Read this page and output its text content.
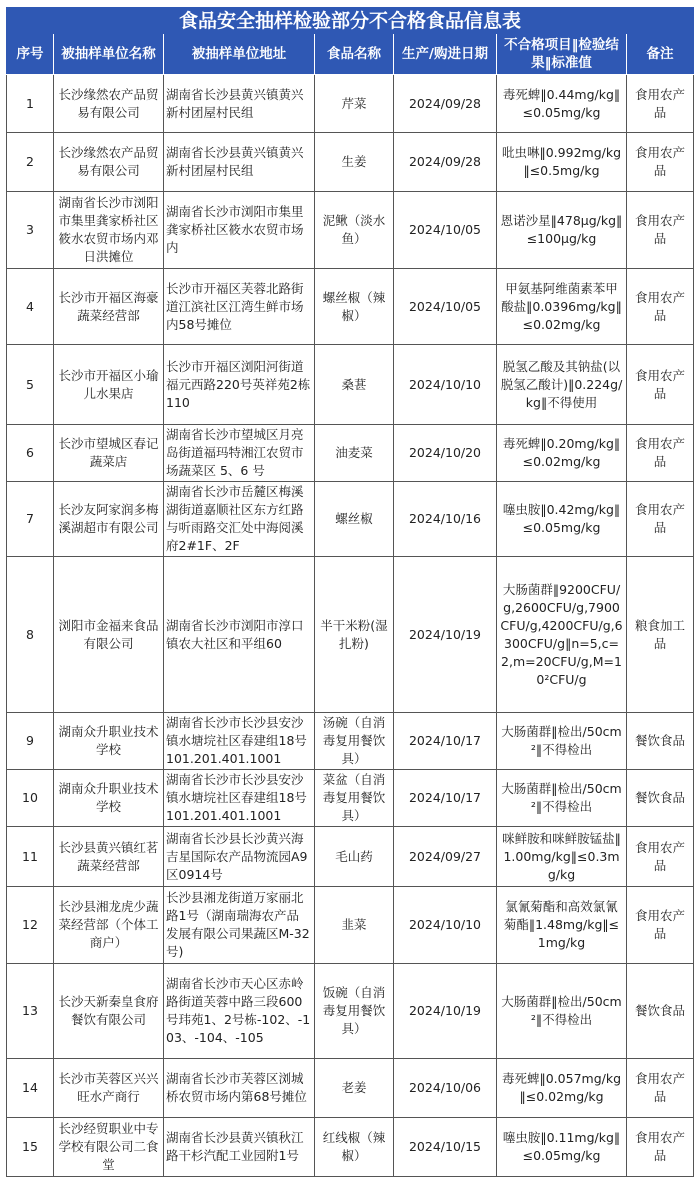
食品安全抽样检验部分不合格食品信息表						
序号	被抽样单位名称	被抽样单位地址	食品名称	生产/购进日期	不合格项目‖检验结果‖标准值	备注
1	长沙缘然农产品贸易有限公司	湖南省长沙县黄兴镇黄兴新村团屋村民组	芹菜	2024/09/28	毒死蜱‖0.44mg/kg‖≤0.05mg/kg	食用农产品
2	长沙缘然农产品贸易有限公司	湖南省长沙县黄兴镇黄兴新村团屋村民组	生姜	2024/09/28	吡虫啉‖0.992mg/kg‖≤0.5mg/kg	食用农产品
3	湖南省长沙市浏阳市集里龚家桥社区筱水农贸市场内邓日洪摊位	湖南省长沙市浏阳市集里龚家桥社区筱水农贸市场内	泥鳅（淡水鱼）	2024/10/05	恩诺沙星‖478μg/kg‖≤100μg/kg	食用农产品
4	长沙市开福区海豪蔬菜经营部	长沙市开福区芙蓉北路街道江滨社区江湾生鲜市场内58号摊位	螺丝椒（辣椒）	2024/10/05	甲氨基阿维菌素苯甲酸盐‖0.0396mg/kg‖≤0.02mg/kg	食用农产品
5	长沙市开福区小瑜儿水果店	长沙市开福区浏阳河街道福元西路220号英祥苑2栋110	桑葚	2024/10/10	脱氢乙酸及其钠盐(以脱氢乙酸计)‖0.224g/kg‖不得使用	食用农产品
6	长沙市望城区春记蔬菜店	湖南省长沙市望城区月亮岛街道福玛特湘江农贸市场蔬菜区 5、6 号	油麦菜	2024/10/20	毒死蜱‖0.20mg/kg‖≤0.02mg/kg	食用农产品
7	长沙友阿家润多梅溪湖超市有限公司	湖南省长沙市岳麓区梅溪湖街道嘉顺社区东方红路与听雨路交汇处中海阅溪府2#1F、2F	螺丝椒	2024/10/16	噻虫胺‖0.42mg/kg‖≤0.05mg/kg	食用农产品
8	浏阳市金福来食品有限公司	湖南省长沙市浏阳市淳口镇农大社区和平组60	半干米粉(湿扎粉)	2024/10/19	大肠菌群‖9200CFU/g,2600CFU/g,7900CFU/g,4200CFU/g,6300CFU/g‖n=5,c=2,m=20CFU/g,M=10²CFU/g	粮食加工品
9	湖南众升职业技术学校	湖南省长沙市长沙县安沙镇水塘垸社区春建组18号101.201.401.1001	汤碗（自消毒复用餐饮具）	2024/10/17	大肠菌群‖检出/50cm²‖不得检出	餐饮食品
10	湖南众升职业技术学校	湖南省长沙市长沙县安沙镇水塘垸社区春建组18号101.201.401.1001	菜盆（自消毒复用餐饮具）	2024/10/17	大肠菌群‖检出/50cm²‖不得检出	餐饮食品
11	长沙县黄兴镇红茗蔬菜经营部	湖南省长沙县长沙黄兴海吉星国际农产品物流园A9区0914号	毛山药	2024/09/27	咪鲜胺和咪鲜胺锰盐‖1.00mg/kg‖≤0.3mg/kg	食用农产品
12	长沙县湘龙虎少蔬菜经营部（个体工商户）	长沙县湘龙街道万家丽北路1号（湖南瑞海农产品发展有限公司果蔬区M-32号)	韭菜	2024/10/10	氯氰菊酯和高效氯氰菊酯‖1.48mg/kg‖≤1mg/kg	食用农产品
13	长沙天新秦皇食府餐饮有限公司	湖南省长沙市天心区赤岭路街道芙蓉中路三段600号玮苑1、2号栋-102、-103、-104、-105	饭碗（自消毒复用餐饮具）	2024/10/19	大肠菌群‖检出/50cm²‖不得检出	餐饮食品
14	长沙市芙蓉区兴兴旺水产商行	湖南省长沙市芙蓉区浏城桥农贸市场内第68号摊位	老姜	2024/10/06	毒死蜱‖0.057mg/kg‖≤0.02mg/kg	食用农产品
15	长沙经贸职业中专学校有限公司二食堂	湖南省长沙县黄兴镇秋江路干杉汽配工业园附1号	红线椒（辣椒）	2024/10/15	噻虫胺‖0.11mg/kg‖≤0.05mg/kg	食用农产品
